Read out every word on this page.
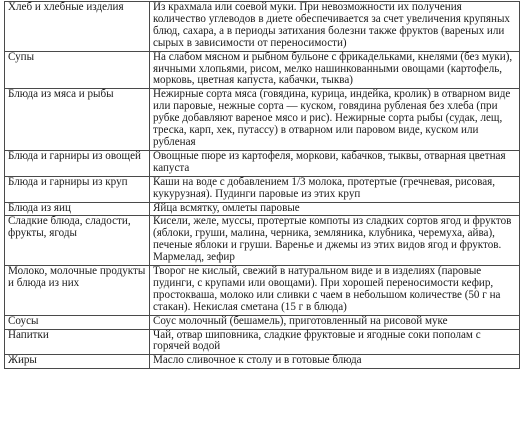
Хлеб и хлебные изделия	Из крахмала или соевой муки. При невозможности их получения количество углеводов в диете обеспечивается за счет увеличения крупяных блюд, сахара, а в периоды затихания болезни также фруктов (вареных или сырых в зависимости от переносимости)
Супы	На слабом мясном и рыбном бульоне с фрикадельками, кнелями (без муки), яичными хлопьями, рисом, мелко нашинкованными овощами (картофель, морковь, цветная капуста, кабачки, тыква)
Блюда из мяса и рыбы	Нежирные сорта мяса (говядина, курица, индейка, кролик) в отварном виде или паровые, нежные сорта — куском, говядина рубленая без хлеба (при рубке добавляют вареное мясо и рис). Нежирные сорта рыбы (судак, лещ, треска, карп, хек, путассу) в отварном или паровом виде, куском или рубленая
Блюда и гарниры из овощей	Овощные пюре из картофеля, моркови, кабачков, тыквы, отварная цветная капуста
Блюда и гарниры из круп	Каши на воде с добавлением 1/3 молока, протертые (гречневая, рисовая, кукурузная). Пудинги паровые из этих круп
Блюда из яиц	Яйца всмятку, омлеты паровые
Сладкие блюда, сладости, фрукты, ягоды	Кисели, желе, муссы, протертые компоты из сладких сортов ягод и фруктов (яблоки, груши, малина, черника, земляника, клубника, черемуха, айва), печеные яблоки и груши. Варенье и джемы из этих видов ягод и фруктов. Мармелад, зефир
Молоко, молочные продукты и блюда из них	Творог не кислый, свежий в натуральном виде и в изделиях (паровые пудинги, с крупами или овощами). При хорошей переносимости кефир, простокваша, молоко или сливки с чаем в небольшом количестве (50 г на стакан). Некислая сметана (15 г в блюда)
Соусы	Соус молочный (бешамель), приготовленный на рисовой муке
Напитки	Чай, отвар шиповника, сладкие фруктовые и ягодные соки пополам с горячей водой
Жиры	Масло сливочное к столу и в готовые блюда
